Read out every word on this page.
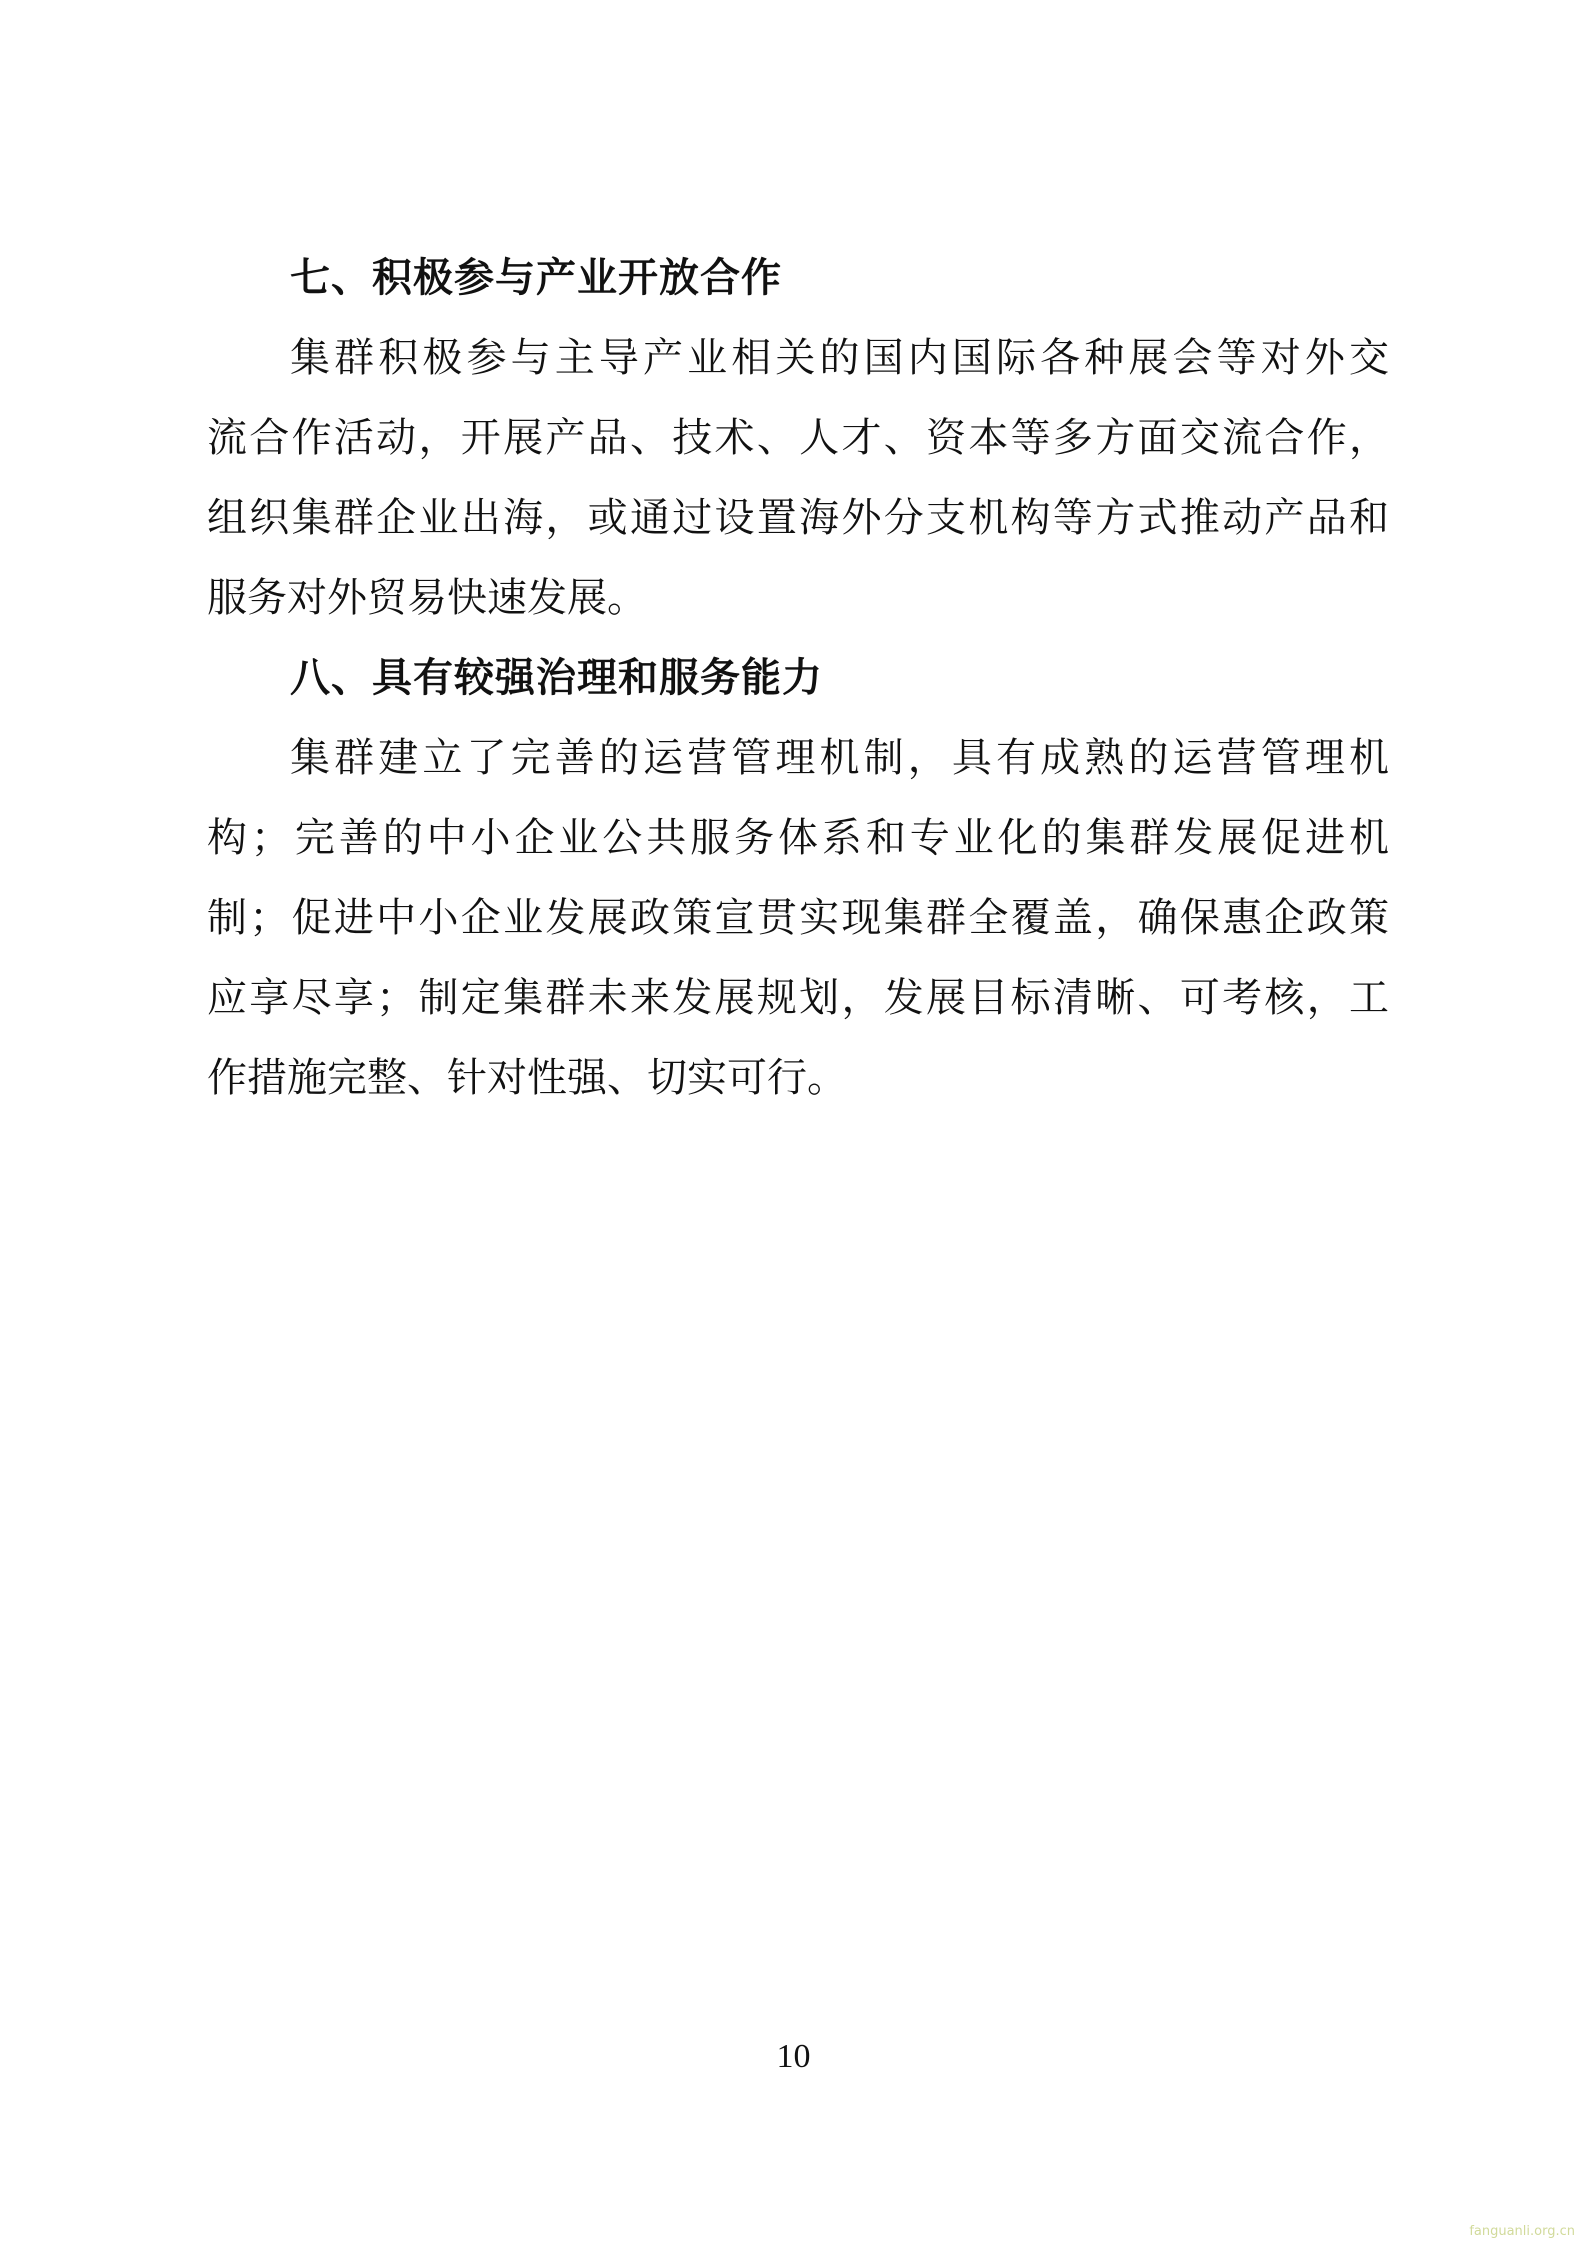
七、积极参与产业开放合作
集群积极参与主导产业相关的国内国际各种展会等对外交
流合作活动，开展产品、技术、人才、资本等多方面交流合作，
组织集群企业出海，或通过设置海外分支机构等方式推动产品和
服务对外贸易快速发展。
八、具有较强治理和服务能力
集群建立了完善的运营管理机制，具有成熟的运营管理机
构；完善的中小企业公共服务体系和专业化的集群发展促进机
制；促进中小企业发展政策宣贯实现集群全覆盖，确保惠企政策
应享尽享；制定集群未来发展规划，发展目标清晰、可考核，工
作措施完整、针对性强、切实可行。
10
fanguanli.org.cn
